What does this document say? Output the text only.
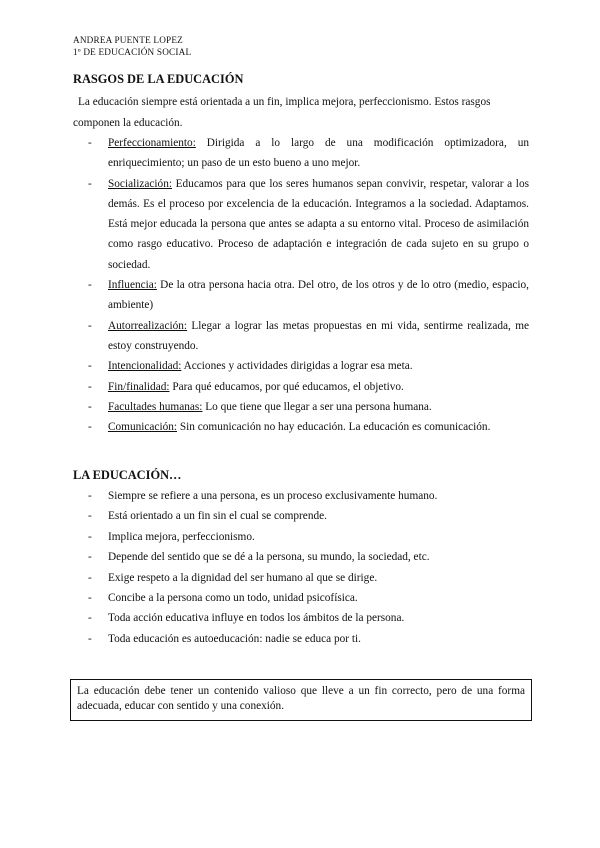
ANDREA PUENTE LOPEZ
1º DE EDUCACIÓN SOCIAL
RASGOS DE LA EDUCACIÓN
La educación siempre está orientada a un fin, implica mejora, perfeccionismo. Estos rasgos componen la educación.
- Perfeccionamiento: Dirigida a lo largo de una modificación optimizadora, un enriquecimiento; un paso de un esto bueno a uno mejor.
- Socialización: Educamos para que los seres humanos sepan convivir, respetar, valorar a los demás. Es el proceso por excelencia de la educación. Integramos a la sociedad. Adaptamos. Está mejor educada la persona que antes se adapta a su entorno vital. Proceso de asimilación como rasgo educativo. Proceso de adaptación e integración de cada sujeto en su grupo o sociedad.
- Influencia: De la otra persona hacia otra. Del otro, de los otros y de lo otro (medio, espacio, ambiente)
- Autorrealización: Llegar a lograr las metas propuestas en mi vida, sentirme realizada, me estoy construyendo.
- Intencionalidad: Acciones y actividades dirigidas a lograr esa meta.
- Fin/finalidad: Para qué educamos, por qué educamos, el objetivo.
- Facultades humanas: Lo que tiene que llegar a ser una persona humana.
- Comunicación: Sin comunicación no hay educación. La educación es comunicación.
LA EDUCACIÓN…
- Siempre se refiere a una persona, es un proceso exclusivamente humano.
- Está orientado a un fin sin el cual se comprende.
- Implica mejora, perfeccionismo.
- Depende del sentido que se dé a la persona, su mundo, la sociedad, etc.
- Exige respeto a la dignidad del ser humano al que se dirige.
- Concibe a la persona como un todo, unidad psicofísica.
- Toda acción educativa influye en todos los ámbitos de la persona.
- Toda educación es autoeducación: nadie se educa por ti.
La educación debe tener un contenido valioso que lleve a un fin correcto, pero de una forma adecuada, educar con sentido y una conexión.
